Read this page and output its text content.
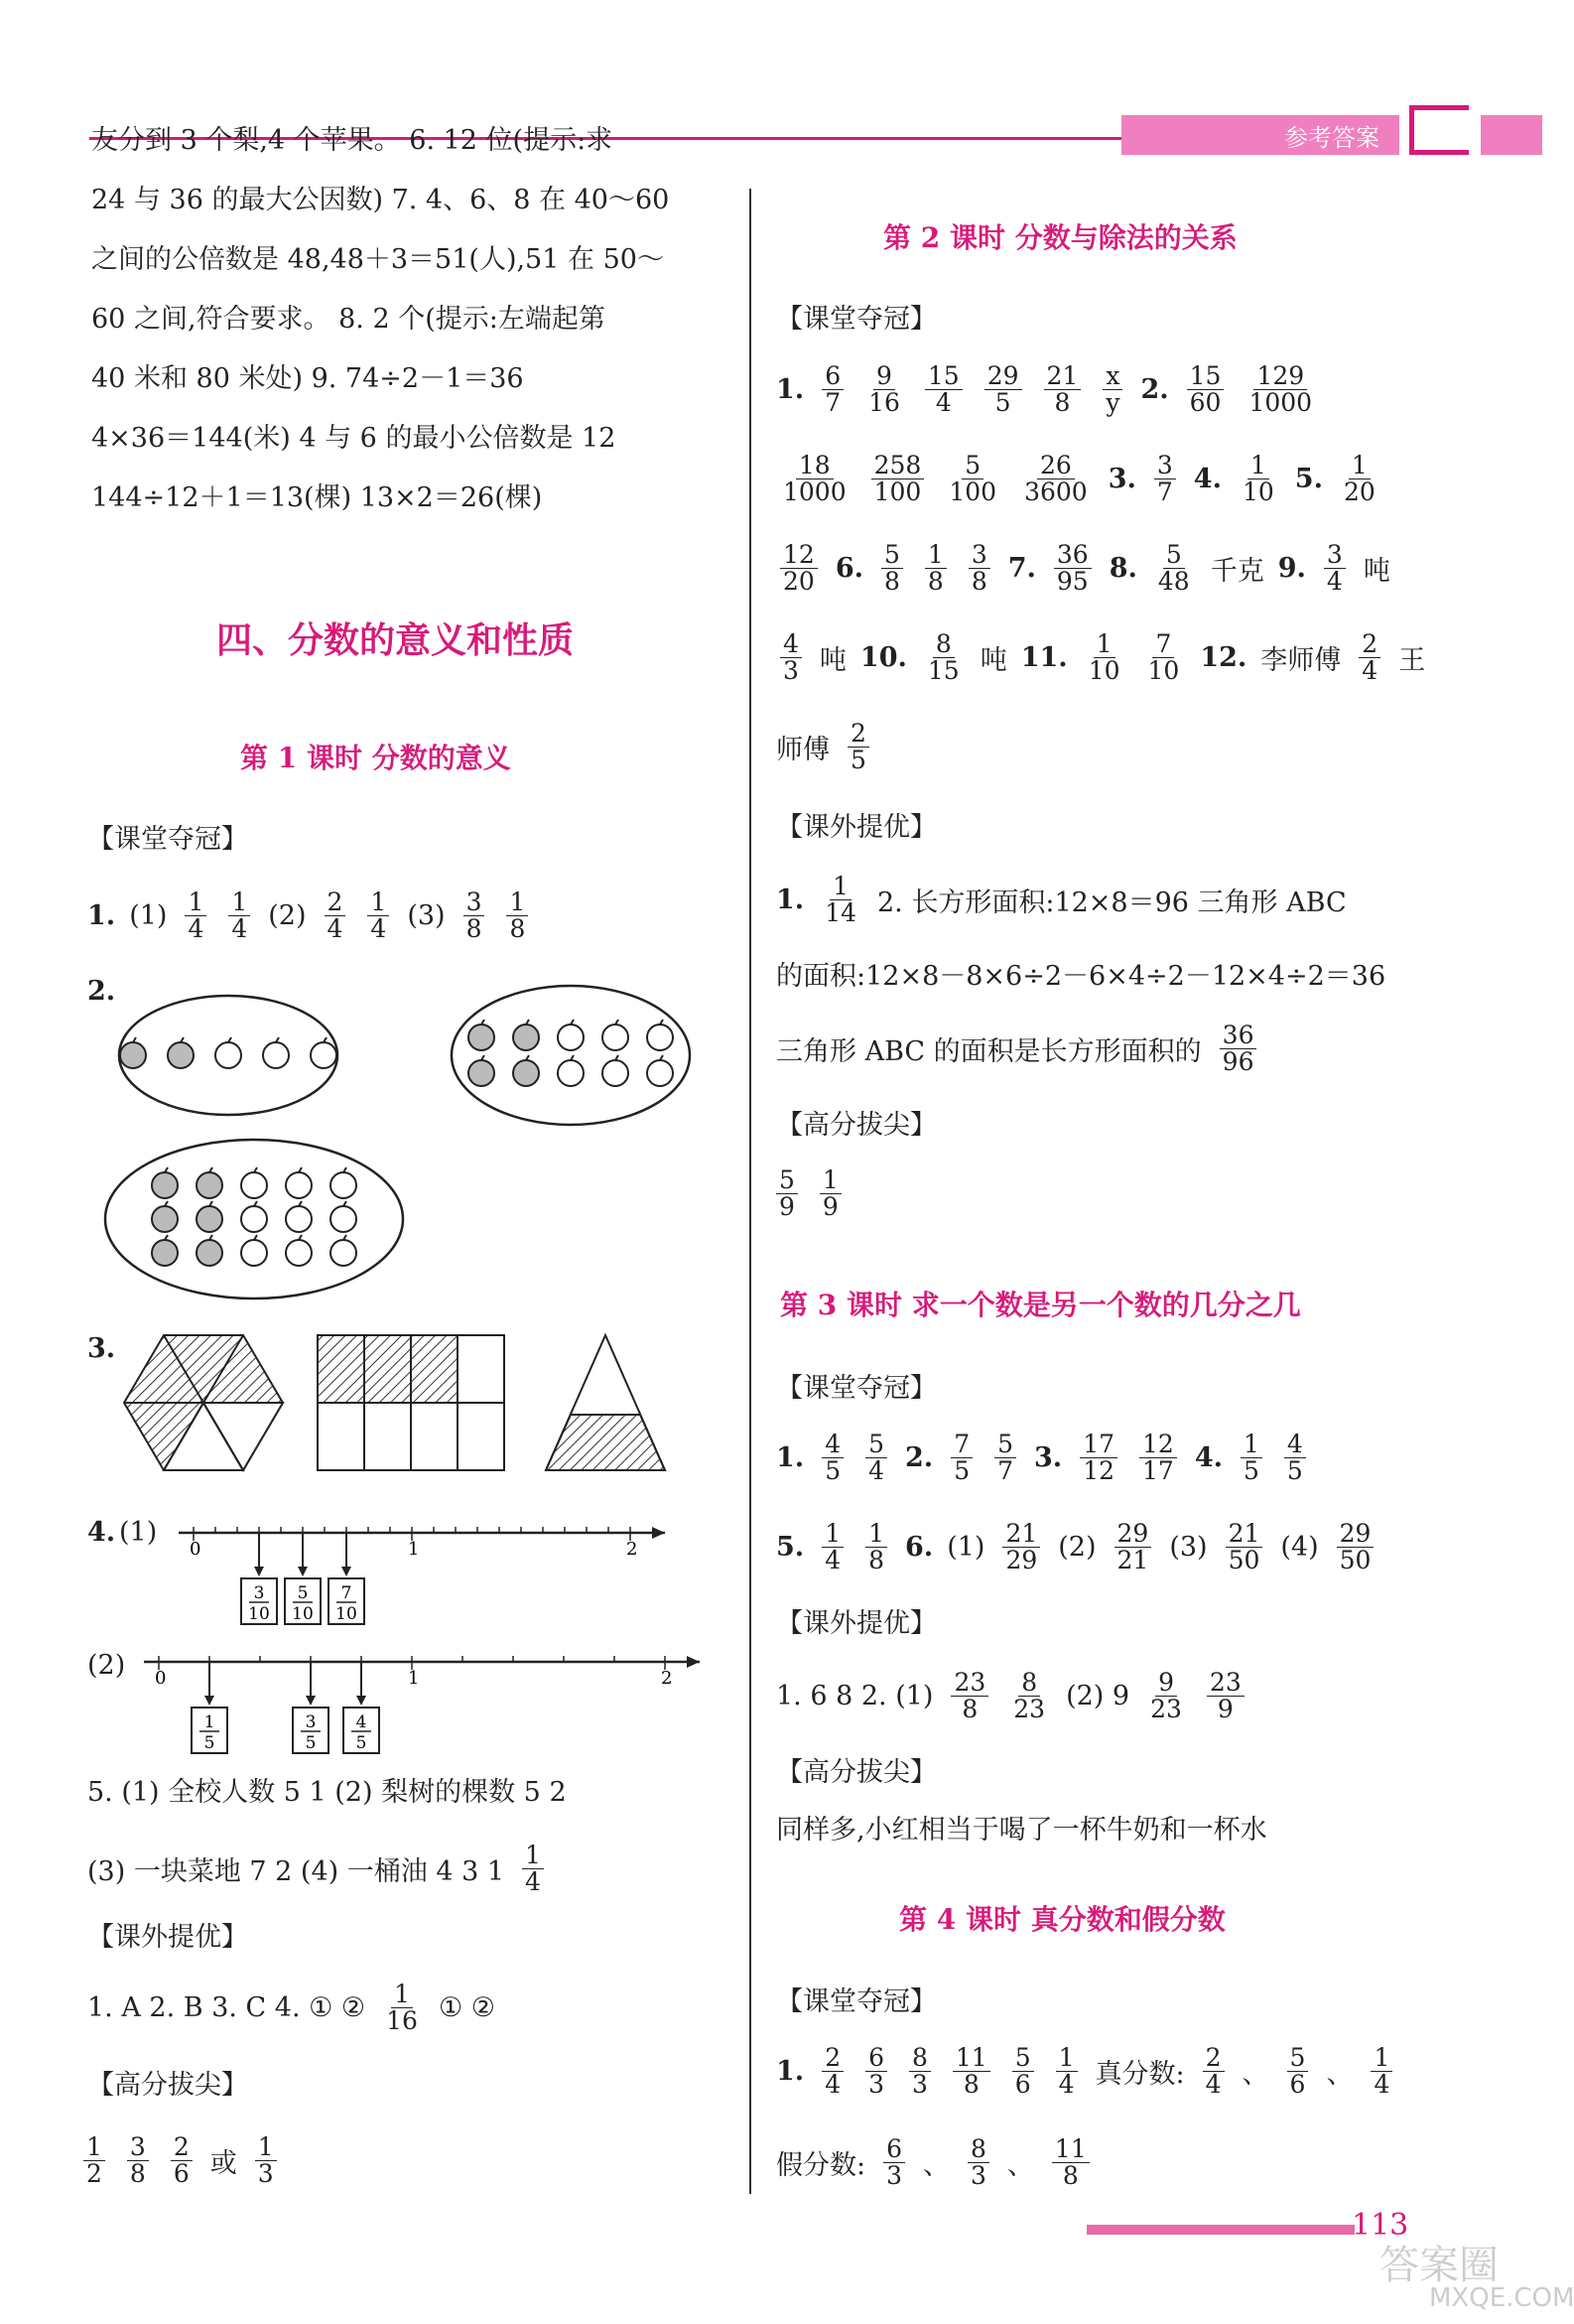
参考答案
友分到 3 个梨,4 个苹果。 6. 12 位(提示:求
24 与 36 的最大公因数) 7. 4、6、8 在 40～60
之间的公倍数是 48,48＋3＝51(人),51 在 50～
60 之间,符合要求。 8. 2 个(提示:左端起第
40 米和 80 米处) 9. 74÷2－1＝36
4×36＝144(米) 4 与 6 的最小公倍数是 12
144÷12＋1＝13(棵) 13×2＝26(棵)
四、分数的意义和性质
第 1 课时 分数的意义
【课堂夺冠】
1. $(1) \frac{1}{4} \frac{1}{4} (2) \frac{2}{4} \frac{1}{4} (3) \frac{3}{8} \frac{1}{8}$
2.
3.
4. (1)
0	1	2
3
10
5
10
7
10
(2) 0	1	2
1
5
3
5
4
5
5. (1) 全校人数 5 1 (2) 梨树的棵数 5 2
(3) 一块菜地 7 2 (4) 一桶油 4 3 $1 \frac{1}{4}$
【课外提优】
1. A 2. B 3. C 4. ① ② $\frac{1}{16}$ ① ②
【高分拔尖】
$\frac{1}{2} \frac{3}{8} \frac{2}{6}$ 或 $\frac{1}{3}$
第 2 课时 分数与除法的关系
【课堂夺冠】
1. $\frac{6}{7} \frac{9}{16} \frac{15}{4} \frac{29}{5} \frac{21}{8} \frac{x}{y} 2$. $\frac{15}{60} \frac{129}{1000}$
$\frac{18}{1000} \frac{258}{100} \frac{5}{100} \frac{26}{3600} 3$. $\frac{3}{7} 4$. $\frac{1}{10} 5$. $\frac{1}{20}$
$\frac{12}{20} 6$. $\frac{5}{8} \frac{1}{8} \frac{3}{8} 7$. $\frac{36}{95} 8$. $\frac{5}{48}$ 千克 9. $\frac{3}{4}$ 吨
$\frac{4}{3}$ 吨 10. $\frac{8}{15}$ 吨 11. $\frac{1}{10} \frac{7}{10} 12$. 李师傅 $\frac{2}{4}$ 王
师傅 $\frac{2}{5}$
【课外提优】
1. $\frac{1}{14} 2$. 长方形面积:12×8＝96 三角形 ABC
的面积:12×8－8×6÷2－6×4÷2－12×4÷2＝36
三角形 ABC 的面积是长方形面积的 $\frac{36}{96}$
【高分拔尖】
$\frac{5}{9} \frac{1}{9}$
第 3 课时 求一个数是另一个数的几分之几
【课堂夺冠】
1. $\frac{4}{5} \frac{5}{4} 2$. $\frac{7}{5} \frac{5}{7} 3$. $\frac{17}{12} \frac{12}{17} 4$. $\frac{1}{5} \frac{4}{5}$
5. $\frac{1}{4} \frac{1}{8} 6$. $(1) \frac{21}{29} (2) \frac{29}{21} (3) \frac{21}{50} (4) \frac{29}{50}$
【课外提优】
1. 6 8 2. $(1) \frac{23}{8} \frac{8}{23} (2)$ $9 \frac{9}{23} \frac{23}{9}$
【高分拔尖】
同样多,小红相当于喝了一杯牛奶和一杯水
第 4 课时 真分数和假分数
【课堂夺冠】
1. $\frac{2}{4} \frac{6}{3} \frac{8}{3} \frac{11}{8} \frac{5}{6} \frac{1}{4}$ 真分数: $\frac{2}{4}$ 、 $\frac{5}{6}$ 、 $\frac{1}{4}$
假分数: $\frac{6}{3}$ 、 $\frac{8}{3}$ 、 $\frac{11}{8}$
113
答案圈
MXQE.COM
